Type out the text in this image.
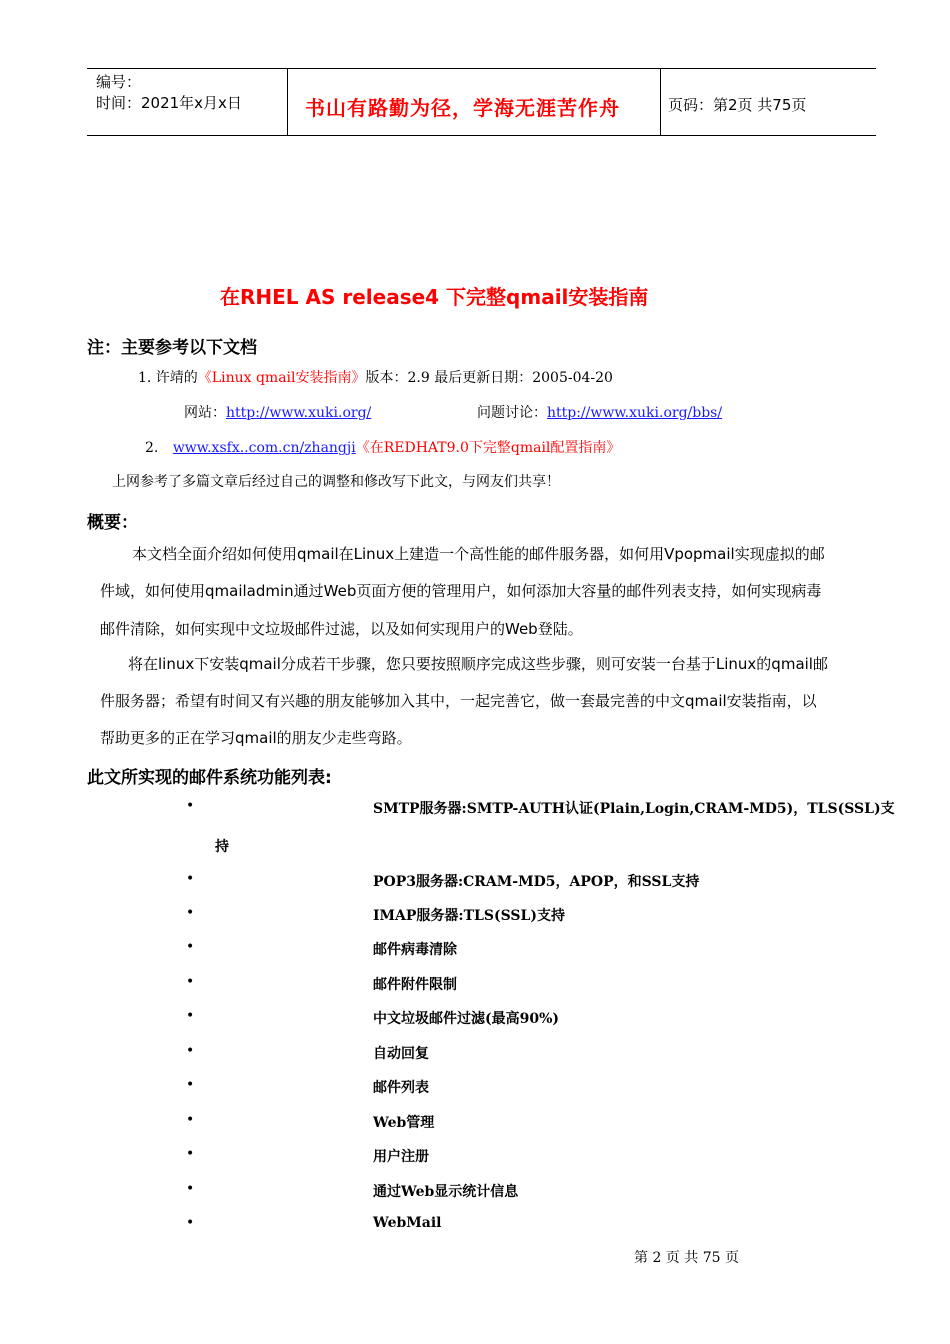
编号：
时间：2021年x月x日	书山有路勤为径，学海无涯苦作舟	页码：第2页 共75页
在RHEL AS release4 下完整qmail安装指南
注：主要参考以下文档
1. 许靖的《Linux qmail安装指南》版本：2.9 最后更新日期：2005-04-20
网站：http://www.xuki.org/	问题讨论：http://www.xuki.org/bbs/
2. www.xsfx..com.cn/zhangji《在REDHAT9.0下完整qmail配置指南》
上网参考了多篇文章后经过自己的调整和修改写下此文，与网友们共享！
概要：
本文档全面介绍如何使用qmail在Linux上建造一个高性能的邮件服务器，如何用Vpopmail实现虚拟的邮
件域，如何使用qmailadmin通过Web页面方便的管理用户，如何添加大容量的邮件列表支持，如何实现病毒
邮件清除，如何实现中文垃圾邮件过滤，以及如何实现用户的Web登陆。
将在linux下安装qmail分成若干步骤，您只要按照顺序完成这些步骤，则可安装一台基于Linux的qmail邮
件服务器；希望有时间又有兴趣的朋友能够加入其中，一起完善它，做一套最完善的中文qmail安装指南，以
帮助更多的正在学习qmail的朋友少走些弯路。
此文所实现的邮件系统功能列表:
•	SMTP服务器:SMTP-AUTH认证(Plain,Login,CRAM-MD5)，TLS(SSL)支
持
•	POP3服务器:CRAM-MD5，APOP，和SSL支持
•	IMAP服务器:TLS(SSL)支持
•	邮件病毒清除
•	邮件附件限制
•	中文垃圾邮件过滤(最高90%)
•	自动回复
•	邮件列表
•	Web管理
•	用户注册
•	通过Web显示统计信息
•	WebMail
第 2 页 共 75 页
